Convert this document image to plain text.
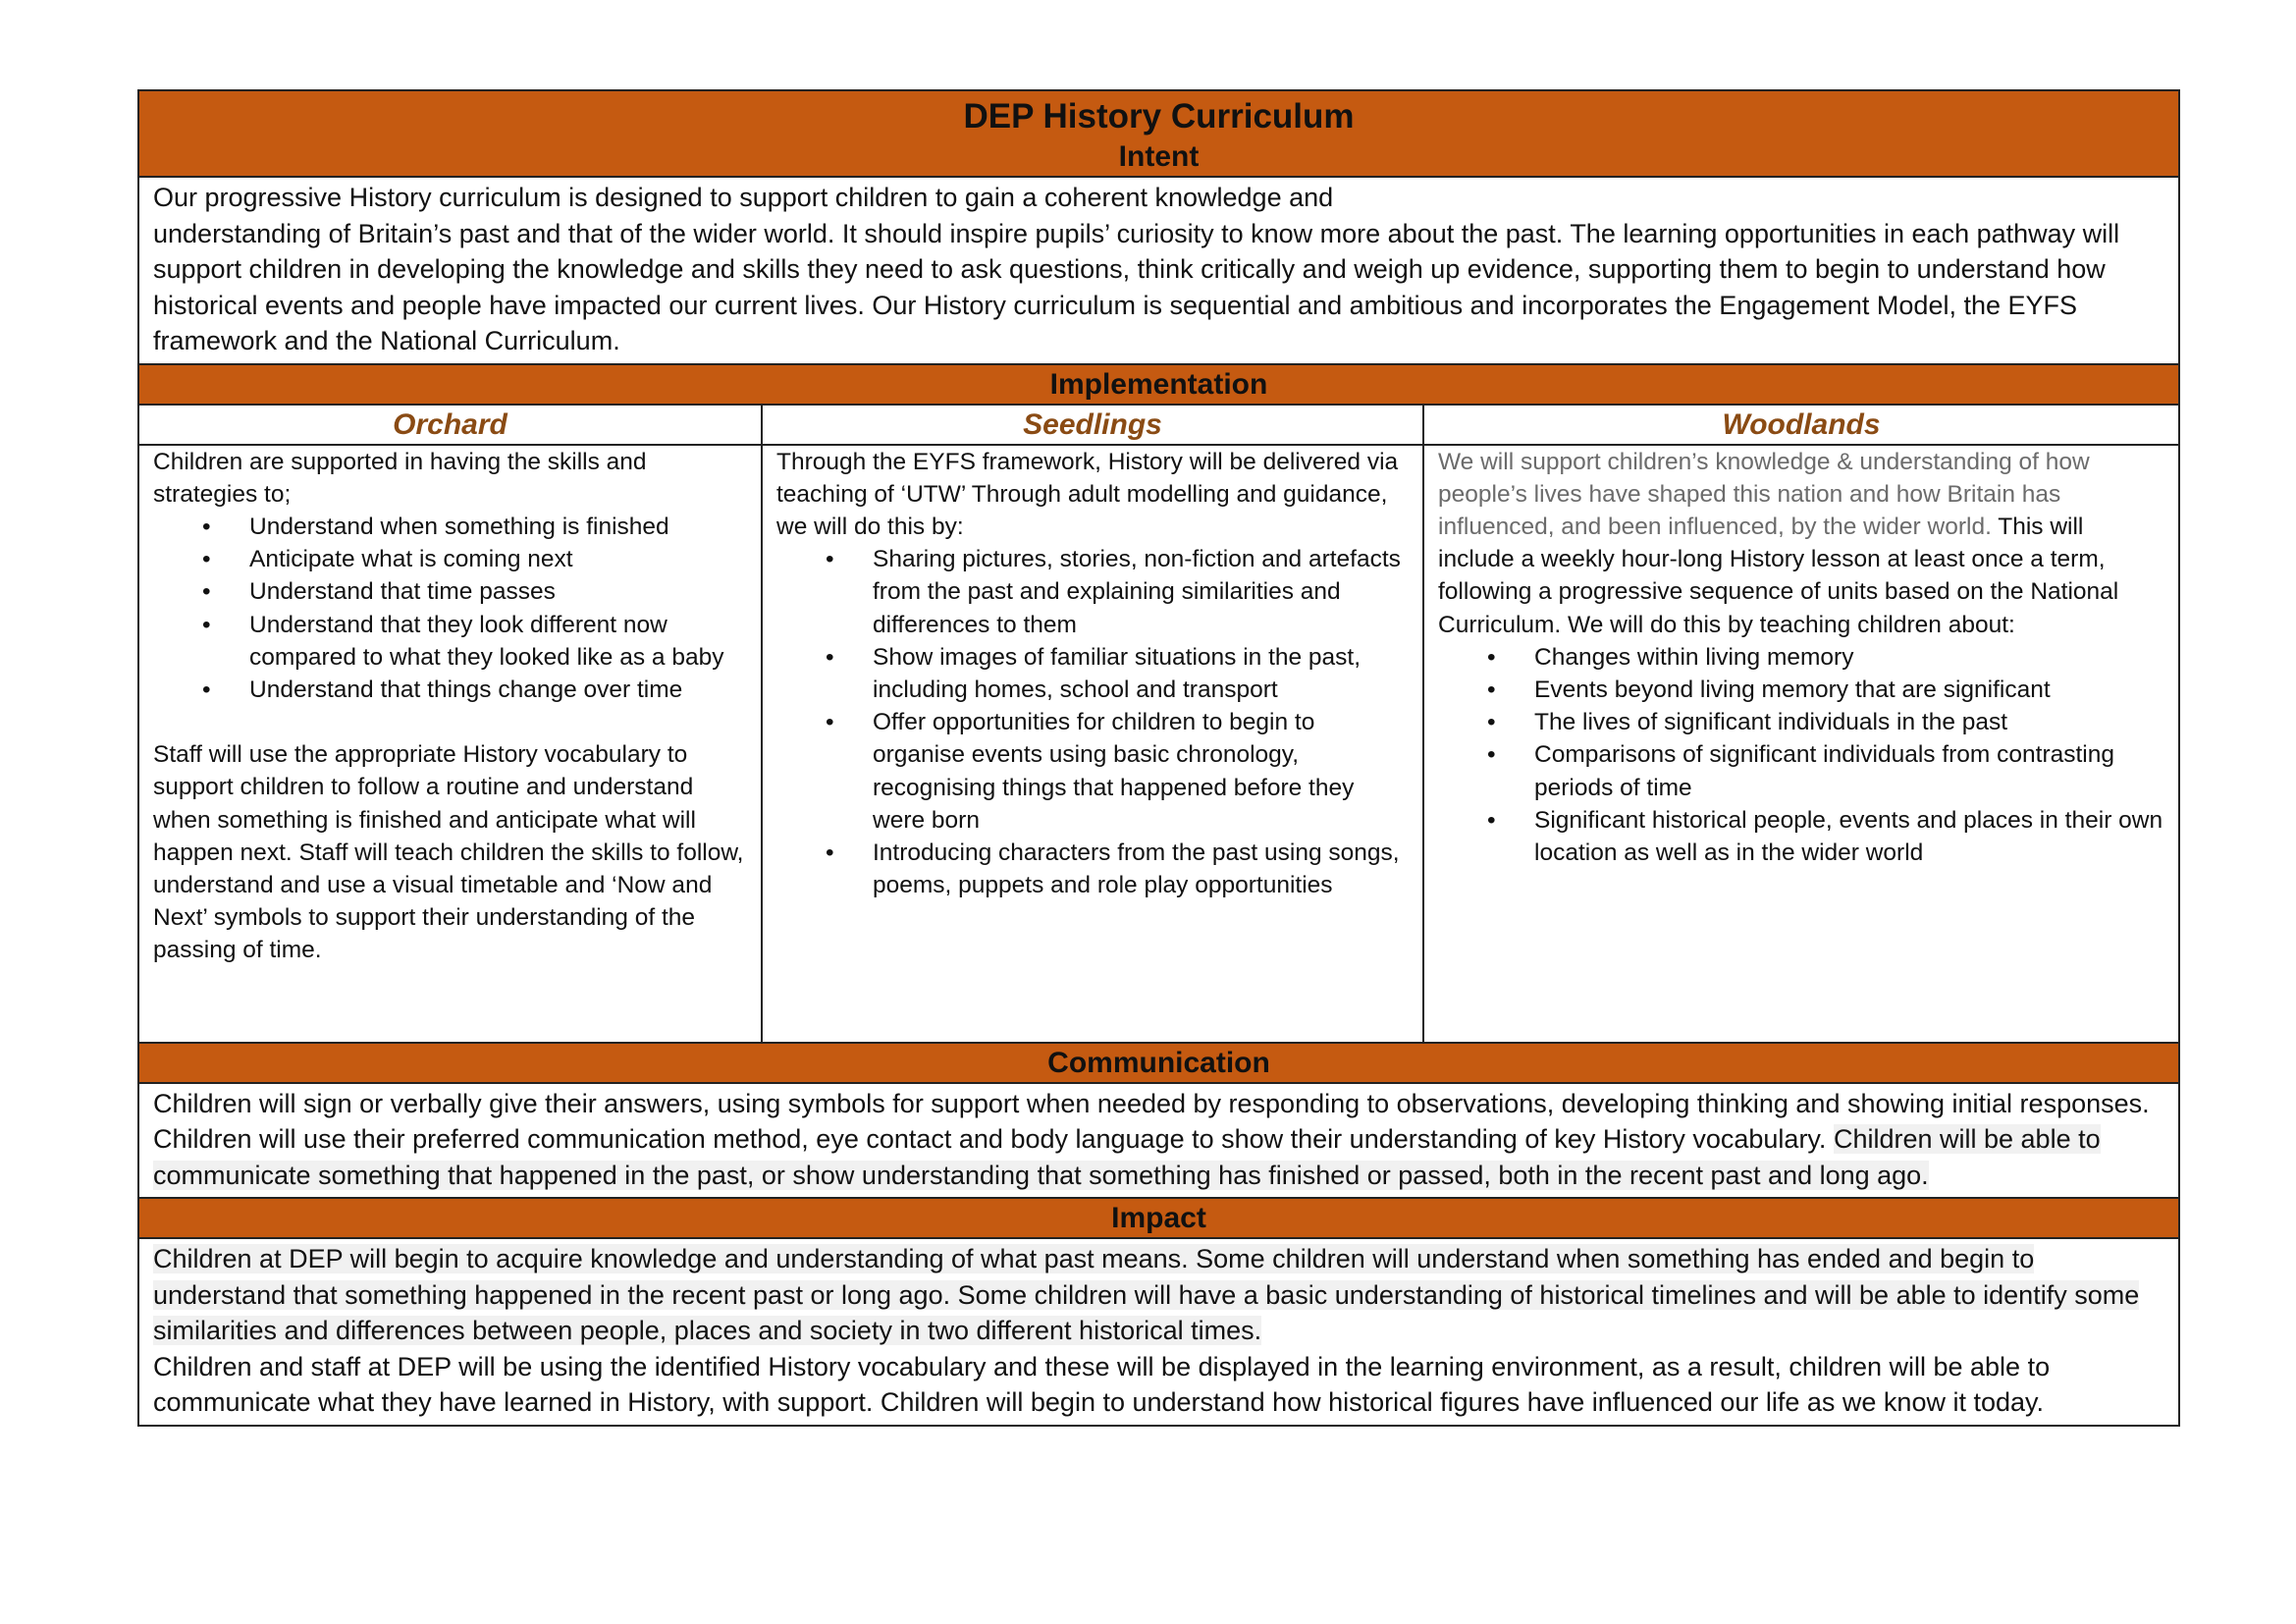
DEP History Curriculum
Intent

Our progressive History curriculum is designed to support children to gain a coherent knowledge and

understanding of Britain’s past and that of the wider world. It should inspire pupils’ curiosity to know more about the past. The learning opportunities in each pathway will support children in developing the knowledge and skills they need to ask questions, think critically and weigh up evidence, supporting them to begin to understand how historical events and people have impacted our current lives. Our History curriculum is sequential and ambitious and incorporates the Engagement Model, the EYFS framework and the National Curriculum.

Implementation
Orchard	Seedlings	Woodlands

Children are supported in having the skills and strategies to;

• Understand when something is finished
• Anticipate what is coming next
• Understand that time passes
• Understand that they look different now compared to what they looked like as a baby
• Understand that things change over time

Staff will use the appropriate History vocabulary to support children to follow a routine and understand when something is finished and anticipate what will happen next. Staff will teach children the skills to follow, understand and use a visual timetable and ‘Now and Next’ symbols to support their understanding of the passing of time.

Through the EYFS framework, History will be delivered via teaching of ‘UTW’ Through adult modelling and guidance, we will do this by:

• Sharing pictures, stories, non-fiction and artefacts from the past and explaining similarities and differences to them
• Show images of familiar situations in the past, including homes, school and transport
• Offer opportunities for children to begin to organise events using basic chronology, recognising things that happened before they were born
• Introducing characters from the past using songs, poems, puppets and role play opportunities

We will support children’s knowledge & understanding of how people’s lives have shaped this nation and how Britain has influenced, and been influenced, by the wider world. This will include a weekly hour-long History lesson at least once a term, following a progressive sequence of units based on the National Curriculum. We will do this by teaching children about:

• Changes within living memory
• Events beyond living memory that are significant
• The lives of significant individuals in the past
• Comparisons of significant individuals from contrasting periods of time
• Significant historical people, events and places in their own location as well as in the wider world
Communication
Children will sign or verbally give their answers, using symbols for support when needed by responding to observations, developing thinking and showing initial responses. Children will use their preferred communication method, eye contact and body language to show their understanding of key History vocabulary. Children will be able to communicate something that happened in the past, or show understanding that something has finished or passed, both in the recent past and long ago.
Impact

Children at DEP will begin to acquire knowledge and understanding of what past means. Some children will understand when something has ended and begin to understand that something happened in the recent past or long ago. Some children will have a basic understanding of historical timelines and will be able to identify some similarities and differences between people, places and society in two different historical times.

Children and staff at DEP will be using the identified History vocabulary and these will be displayed in the learning environment, as a result, children will be able to communicate what they have learned in History, with support. Children will begin to understand how historical figures have influenced our life as we know it today.
